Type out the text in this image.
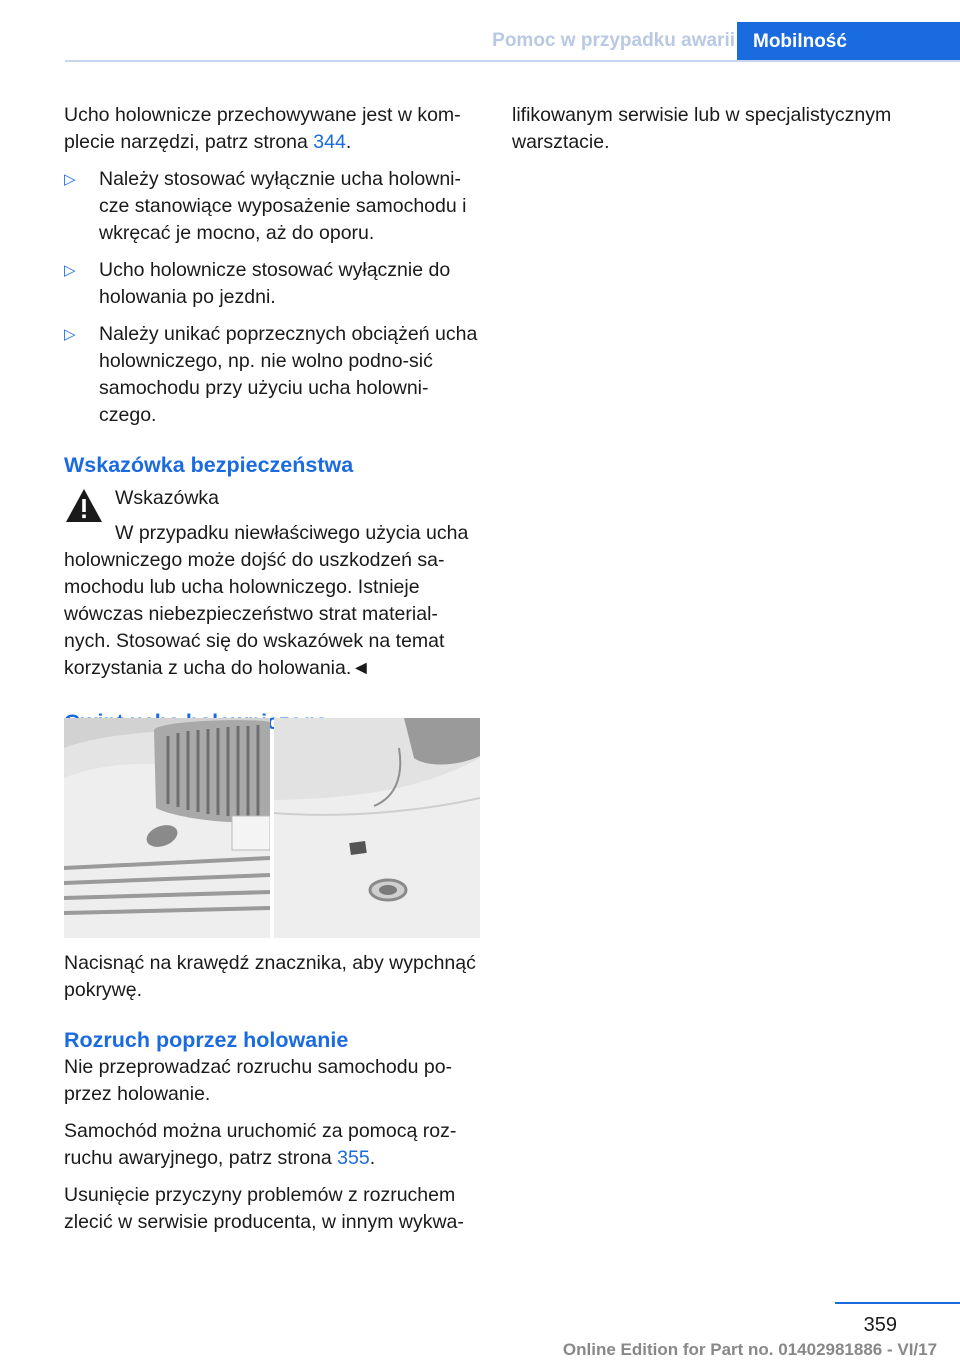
Pomoc w przypadku awarii Mobilność

Ucho holownicze przechowywane jest w kom‐plecie narzędzi, patrz strona 344.

▷ Należy stosować wyłącznie ucha holowni‐cze stanowiące wyposażenie samochodu i wkręcać je mocno, aż do oporu.
▷ Ucho holownicze stosować wyłącznie do holowania po jezdni.
▷ Należy unikać poprzecznych obciążeń ucha holowniczego, np. nie wolno podno‐sić samochodu przy użyciu ucha holowni‐czego.
Wskazówka bezpieczeństwa
Wskazówka

W przypadku niewłaściwego użycia ucha holowniczego może dojść do uszkodzeń sa‐mochodu lub ucha holowniczego. Istnieje wówczas niebezpieczeństwo strat material‐nych. Stosować się do wskazówek na temat korzystania z ucha do holowania.◄

Nacisnąć na krawędź znacznika, aby wypchnąć pokrywę.

Rozruch poprzez holowanie

Nie przeprowadzać rozruchu samochodu po‐przez holowanie.

Samochód można uruchomić za pomocą roz‐ruchu awaryjnego, patrz strona 355.

Usunięcie przyczyny problemów z rozruchem zlecić w serwisie producenta, w innym wykwa‐

lifikowanym serwisie lub w specjalistycznym warsztacie.

359
Online Edition for Part no. 01402981886 - VI/17
